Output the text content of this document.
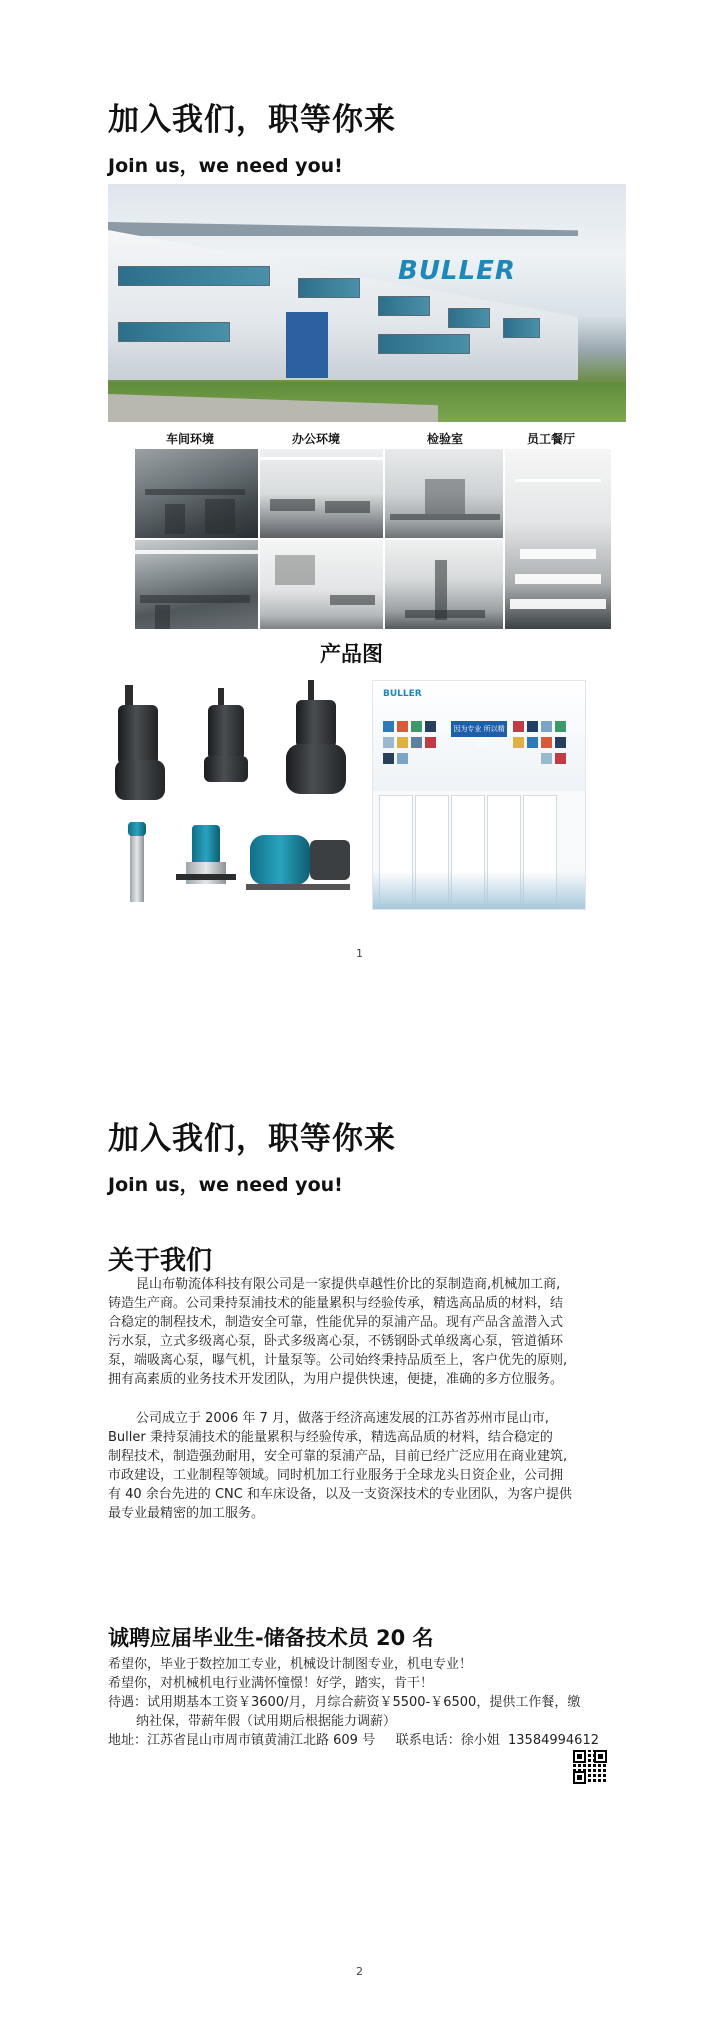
加入我们，职等你来
Join us，we need you!
BULLER
车间环境	办公环境	检验室	员工餐厅
产品图
BULLER
因为专业 所以精彩
1
加入我们，职等你来
Join us，we need you!
关于我们
昆山布勒流体科技有限公司是一家提供卓越性价比的泵制造商,机械加工商,
铸造生产商。公司秉持泵浦技术的能量累积与经验传承，精选高品质的材料，结
合稳定的制程技术，制造安全可靠，性能优异的泵浦产品。现有产品含盖潜入式
污水泵，立式多级离心泵，卧式多级离心泵，不锈钢卧式单级离心泵，管道循环
泵，端吸离心泵，曝气机，计量泵等。公司始终秉持品质至上，客户优先的原则,
拥有高素质的业务技术开发团队，为用户提供快速，便捷，准确的多方位服务。
公司成立于 2006 年 7 月，做落于经济高速发展的江苏省苏州市昆山市,
Buller 秉持泵浦技术的能量累积与经验传承，精选高品质的材料，结合稳定的
制程技术，制造强劲耐用，安全可靠的泵浦产品，目前已经广泛应用在商业建筑,
市政建设，工业制程等领域。同时机加工行业服务于全球龙头日资企业，公司拥
有 40 余台先进的 CNC 和车床设备，以及一支资深技术的专业团队，为客户提供
最专业最精密的加工服务。
诚聘应届毕业生-储备技术员 20 名
希望你，毕业于数控加工专业，机械设计制图专业，机电专业！
希望你，对机械机电行业满怀憧憬！好学，踏实，肯干！
待遇：试用期基本工资￥3600/月，月综合薪资￥5500-￥6500，提供工作餐，缴
纳社保，带薪年假（试用期后根据能力调薪）
地址：江苏省昆山市周市镇黄浦江北路 609 号     联系电话：徐小姐  13584994612
2
